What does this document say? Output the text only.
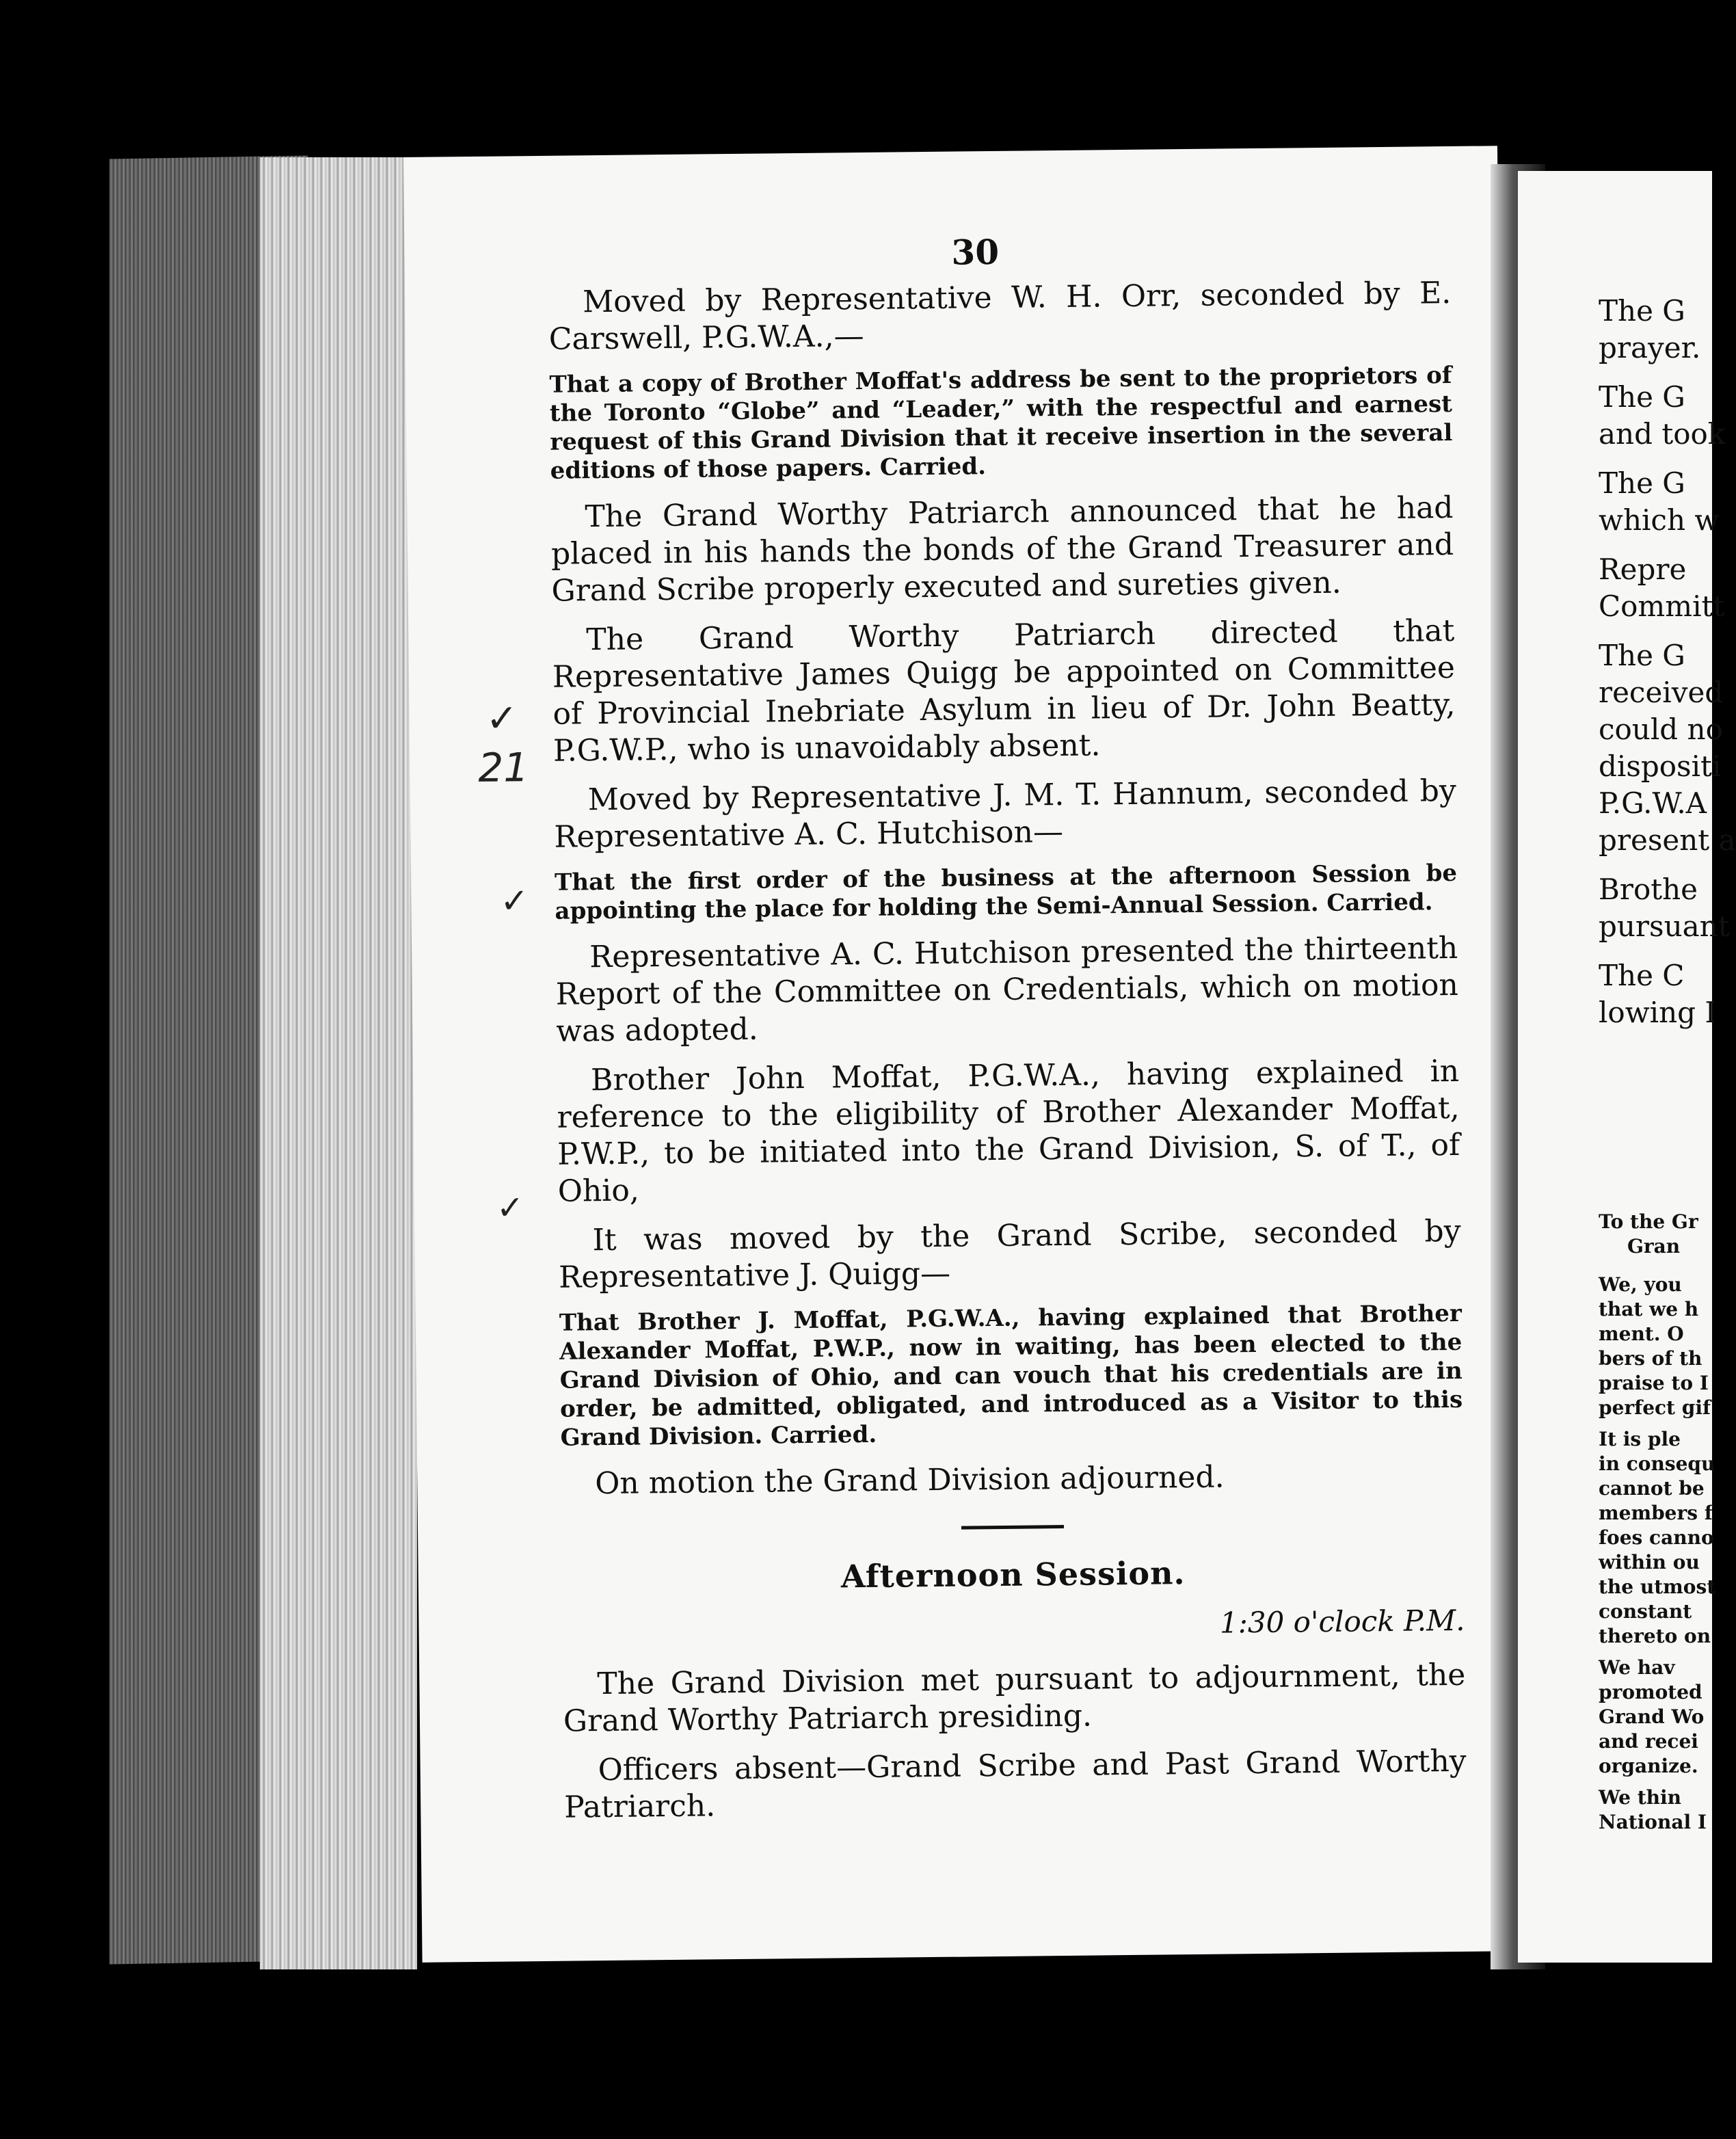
30

Moved by Representative W. H. Orr, seconded by E. Carswell, P.G.W.A.,—

That a copy of Brother Moffat's address be sent to the proprietors of the Toronto “Globe” and “Leader,” with the respectful and earnest request of this Grand Division that it receive insertion in the several editions of those papers. Carried.

The Grand Worthy Patriarch announced that he had placed in his hands the bonds of the Grand Treasurer and Grand Scribe properly executed and sureties given.

The Grand Worthy Patriarch directed that Representative James Quigg be appointed on Committee of Provincial Inebriate Asylum in lieu of Dr. John Beatty, P.G.W.P., who is unavoidably absent.

Moved by Representative J. M. T. Hannum, seconded by Representative A. C. Hutchison—

That the first order of the business at the afternoon Session be appointing the place for holding the Semi-Annual Session. Carried.

Representative A. C. Hutchison presented the thirteenth Report of the Committee on Credentials, which on motion was adopted.

Brother John Moffat, P.G.W.A., having explained in reference to the eligibility of Brother Alexander Moffat, P.W.P., to be initiated into the Grand Division, S. of T., of Ohio,

It was moved by the Grand Scribe, seconded by Representative J. Quigg—

That Brother J. Moffat, P.G.W.A., having explained that Brother Alexander Moffat, P.W.P., now in waiting, has been elected to the Grand Division of Ohio, and can vouch that his credentials are in order, be admitted, obligated, and introduced as a Visitor to this Grand Division. Carried.

On motion the Grand Division adjourned.

Afternoon Session.
1:30 o'clock P.M.

The Grand Division met pursuant to adjournment, the Grand Worthy Patriarch presiding.

Officers absent—Grand Scribe and Past Grand Worthy Patriarch.

✓
21
✓
✓
The G
prayer.
The G
and took
The G
which w
Repre
Committ
The G
received
could no
dispositi
P.G.W.A
present a
Brothe
pursuant
The C
lowing I
To the Gr
Gran
We, you
that we h
ment. O
bers of th
praise to I
perfect gif
It is ple
in consequ
cannot be
members f
foes canno
within ou
the utmost
constant
thereto on
We hav
promoted
Grand Wo
and recei
organize.
We thin
National I
